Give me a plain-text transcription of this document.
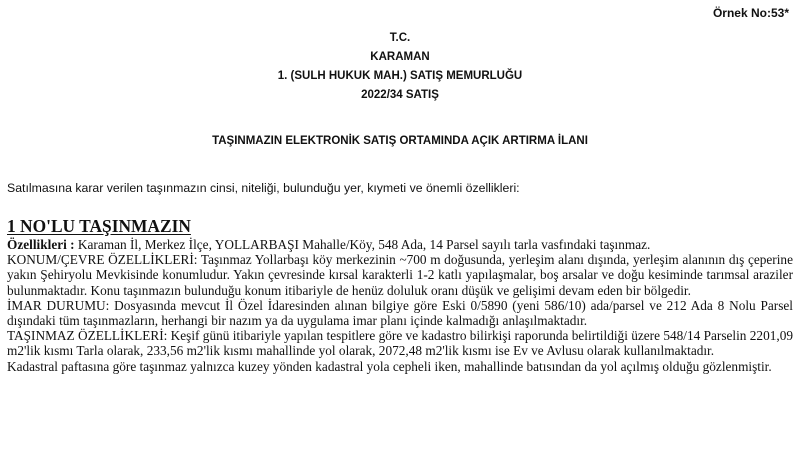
Örnek No:53*
T.C.
KARAMAN
1. (SULH HUKUK MAH.) SATIŞ MEMURLUĞU
2022/34 SATIŞ
TAŞINMAZIN ELEKTRONİK SATIŞ ORTAMINDA AÇIK ARTIRMA İLANI
Satılmasına karar verilen taşınmazın cinsi, niteliği, bulunduğu yer, kıymeti ve önemli özellikleri:
1 NO'LU TAŞINMAZIN

Özellikleri : Karaman İl, Merkez İlçe, YOLLARBAŞI Mahalle/Köy, 548 Ada, 14 Parsel sayılı tarla vasfındaki taşınmaz.

KONUM/ÇEVRE ÖZELLİKLERİ: Taşınmaz Yollarbaşı köy merkezinin ~700 m doğusunda, yerleşim alanı dışında, yerleşim alanının dış çeperine yakın Şehiryolu Mevkisinde konumludur. Yakın çevresinde kırsal karakterli 1-2 katlı yapılaşmalar, boş arsalar ve doğu kesiminde tarımsal araziler bulunmaktadır. Konu taşınmazın bulunduğu konum itibariyle de henüz doluluk oranı düşük ve gelişimi devam eden bir bölgedir.

İMAR DURUMU: Dosyasında mevcut İl Özel İdaresinden alınan bilgiye göre Eski 0/5890 (yeni 586/10) ada/parsel ve 212 Ada 8 Nolu Parsel dışındaki tüm taşınmazların, herhangi bir nazım ya da uygulama imar planı içinde kalmadığı anlaşılmaktadır.

TAŞINMAZ ÖZELLİKLERİ: Keşif günü itibariyle yapılan tespitlere göre ve kadastro bilirkişi raporunda belirtildiği üzere 548/14 Parselin 2201,09 m2'lik kısmı Tarla olarak, 233,56 m2'lik kısmı mahallinde yol olarak, 2072,48 m2'lik kısmı ise Ev ve Avlusu olarak kullanılmaktadır.

Kadastral paftasına göre taşınmaz yalnızca kuzey yönden kadastral yola cepheli iken, mahallinde batısından da yol açılmış olduğu gözlenmiştir.
